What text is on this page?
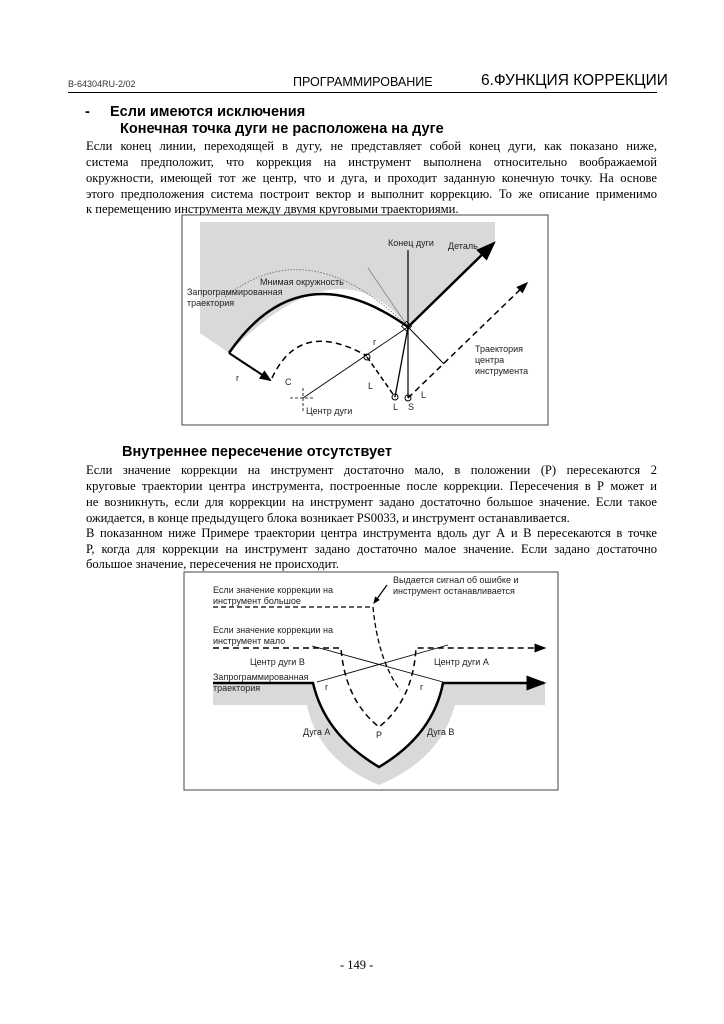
B-64304RU-2/02	ПРОГРАММИРОВАНИЕ	6.ФУНКЦИЯ КОРРЕКЦИИ
- Если имеются исключения
Конечная точка дуги не расположена на дуге
Если конец линии, переходящей в дугу, не представляет собой конец дуги, как показано ниже,
система предположит, что коррекция на инструмент выполнена относительно воображаемой
окружности, имеющей тот же центр, что и дуга, и проходит заданную конечную точку. На основе
этого предположения система построит вектор и выполнит коррекцию. То же описание применимо
к перемещению инструмента между двумя круговыми траекториями.
Конец дуги Деталь
Мнимая окружность
Запрограммированная
траектория
Траектория
центра
инструмента
r
r
C	L
L
L
S
Центр дуги
Внутреннее пересечение отсутствует
Если значение коррекции на инструмент достаточно мало, в положении (Р) пересекаются 2
круговые траектории центра инструмента, построенные после коррекции. Пересечения в Р может и
не возникнуть, если для коррекции на инструмент задано достаточно большое значение. Если такое
ожидается, в конце предыдущего блока возникает PS0033, и инструмент останавливается.
В показанном ниже Примере траектории центра инструмента вдоль дуг А и В пересекаются в точке
Р, когда для коррекции на инструмент задано достаточно малое значение. Если задано достаточно
большое значение, пересечения не происходит.
Выдается сигнал об ошибке и
инструмент останавливается
Если значение коррекции на
инструмент большое
Если значение коррекции на
инструмент мало
Центр дуги B	Центр дуги A
Запрограммированная
траектория	r	r
Дуга A	Дуга B
P
- 149 -
